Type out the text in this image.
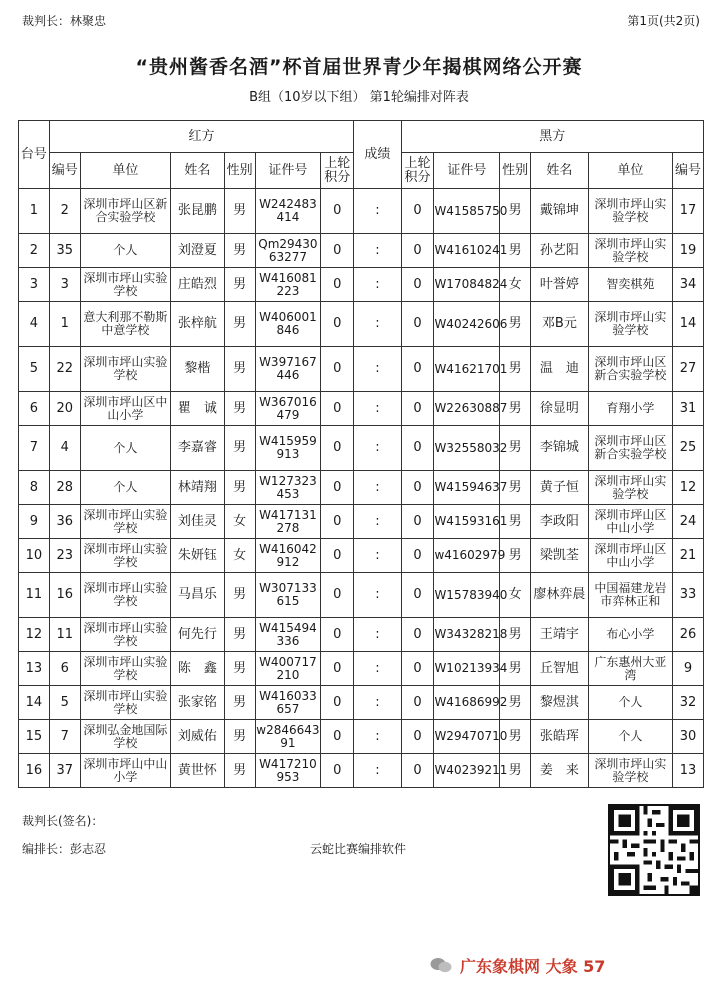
裁判长：林聚忠	第1页(共2页)
“贵州酱香名酒”杯首届世界青少年揭棋网络公开赛
B组（10岁以下组） 第1轮编排对阵表
台号	红方						成绩	黑方					
	编号	单位	姓名	性别	证件号	上轮积分		上轮积分	证件号	性别	姓名	单位	编号
1	2	深圳市坪山区新合实验学校	张昆鹏	男	W242483414	0	:	0	W41585750	男	戴锦坤	深圳市坪山实验学校	17
2	35	个人	刘澄夏	男	Qm2943063277	0	:	0	W41610241	男	孙艺阳	深圳市坪山实验学校	19
3	3	深圳市坪山实验学校	庄皓烈	男	W416081223	0	:	0	W17084824	女	叶誉婷	智奕棋苑	34
4	1	意大利那不勒斯中意学校	张梓航	男	W406001846	0	:	0	W40242606	男	邓B元	深圳市坪山实验学校	14
5	22	深圳市坪山实验学校	黎楷	男	W397167446	0	:	0	W41621701	男	温　迪	深圳市坪山区新合实验学校	27
6	20	深圳市坪山区中山小学	瞿　诚	男	W367016479	0	:	0	W22630887	男	徐显明	育翔小学	31
7	4	个人	李嘉睿	男	W415959913	0	:	0	W32558032	男	李锦城	深圳市坪山区新合实验学校	25
8	28	个人	林靖翔	男	W127323453	0	:	0	W41594637	男	黄子恒	深圳市坪山实验学校	12
9	36	深圳市坪山实验学校	刘佳灵	女	W417131278	0	:	0	W41593161	男	李政阳	深圳市坪山区中山小学	24
10	23	深圳市坪山实验学校	朱妍钰	女	W416042912	0	:	0	w41602979	男	梁凯荃	深圳市坪山区中山小学	21
11	16	深圳市坪山实验学校	马昌乐	男	W307133615	0	:	0	W15783940	女	廖林弈晨	中国福建龙岩市弈林正和	33
12	11	深圳市坪山实验学校	何先行	男	W415494336	0	:	0	W34328218	男	王靖宇	布心小学	26
13	6	深圳市坪山实验学校	陈　鑫	男	W400717210	0	:	0	W10213934	男	丘智旭	广东惠州大亚湾	9
14	5	深圳市坪山实验学校	张家铭	男	W416033657	0	:	0	W41686992	男	黎煜淇	个人	32
15	7	深圳弘金地国际学校	刘威佑	男	w284664391	0	:	0	W29470710	男	张皓珲	个人	30
16	37	深圳市坪山中山小学	黄世怀	男	W417210953	0	:	0	W40239211	男	姜　来	深圳市坪山实验学校	13
裁判长(签名)：
编排长：彭志忍	云蛇比赛编排软件
广东象棋网 大象 57
